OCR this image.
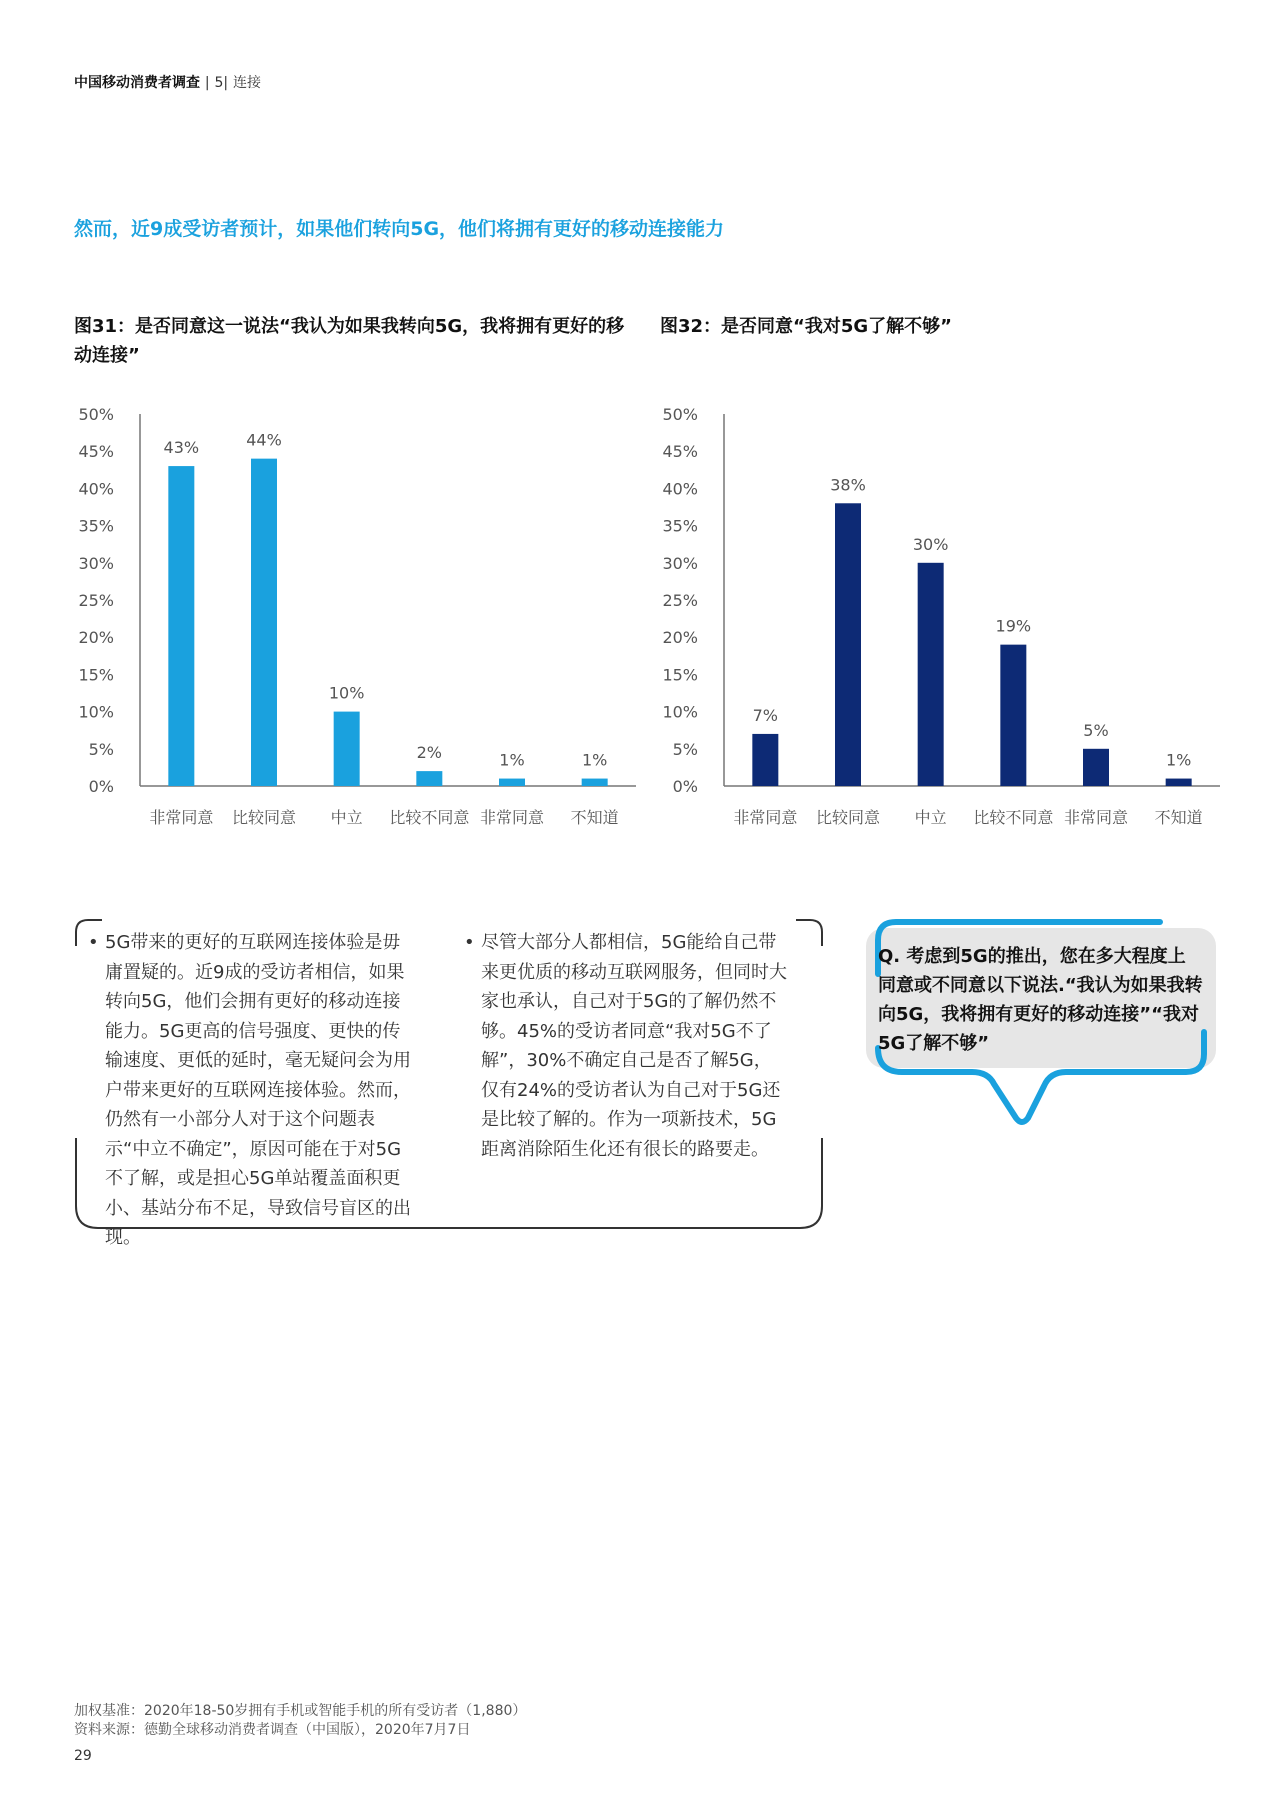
中国移动消费者调查 | 5| 连接
然而，近9成受访者预计，如果他们转向5G，他们将拥有更好的移动连接能力
图31：是否同意这一说法“我认为如果我转向5G，我将拥有更好的移动连接”
图32：是否同意“我对5G了解不够”
0%
5%
10%
15%
20%
25%
30%
35%
40%
45%
50%
43%
非常同意
44%
比较同意
10%
中立
2%
比较不同意
1%
非常同意
1%
不知道
0%
5%
10%
15%
20%
25%
30%
35%
40%
45%
50%
7%
非常同意
38%
比较同意
30%
中立
19%
比较不同意
5%
非常同意
1%
不知道
• 5G带来的更好的互联网连接体验是毋庸置疑的。近9成的受访者相信，如果转向5G，他们会拥有更好的移动连接能力。5G更高的信号强度、更快的传输速度、更低的延时，毫无疑问会为用户带来更好的互联网连接体验。然而，仍然有一小部分人对于这个问题表示“中立不确定”，原因可能在于对5G不了解，或是担心5G单站覆盖面积更小、基站分布不足，导致信号盲区的出现。
• 尽管大部分人都相信，5G能给自己带来更优质的移动互联网服务，但同时大家也承认，自己对于5G的了解仍然不够。45%的受访者同意“我对5G不了解”，30%不确定自己是否了解5G，仅有24%的受访者认为自己对于5G还是比较了解的。作为一项新技术，5G距离消除陌生化还有很长的路要走。
Q. 考虑到5G的推出，您在多大程度上同意或不同意以下说法.“我认为如果我转向5G，我将拥有更好的移动连接”“我对5G了解不够”
加权基准：2020年18-50岁拥有手机或智能手机的所有受访者（1,880）
资料来源：德勤全球移动消费者调查（中国版），2020年7月7日
29
